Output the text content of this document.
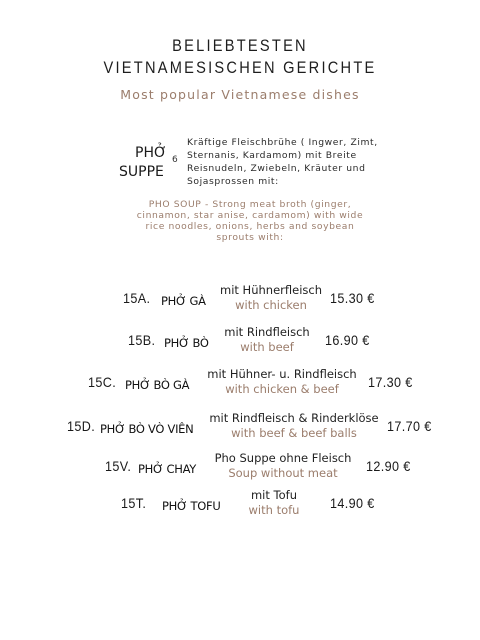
BELIEBTESTEN
VIETNAMESISCHEN GERICHTE
Most popular Vietnamese dishes
PHỞ 6
SUPPE
Kräftige Fleischbrühe ( Ingwer, Zimt, Sternanis, Kardamom) mit Breite Reisnudeln, Zwiebeln, Kräuter und Sojasprossen mit:
PHO SOUP - Strong meat broth (ginger, cinnamon, star anise, cardamom) with wide rice noodles, onions, herbs and soybean sprouts with:
15A. PHỞ GÀ
mit Hühnerfleisch
with chicken	15.30 €
15B. PHỞ BÒ
mit Rindfleisch
with beef	16.90 €
15C. PHỞ BÒ GÀ
mit Hühner- u. Rindfleisch
with chicken & beef	17.30 €
15D. PHỞ BÒ VÒ VIÊN
mit Rindfleisch & Rinderklöse
with beef & beef balls	17.70 €
15V. PHỞ CHAY
Pho Suppe ohne Fleisch
Soup without meat	12.90 €
15T. PHỞ TOFU
mit Tofu
with tofu	14.90 €
